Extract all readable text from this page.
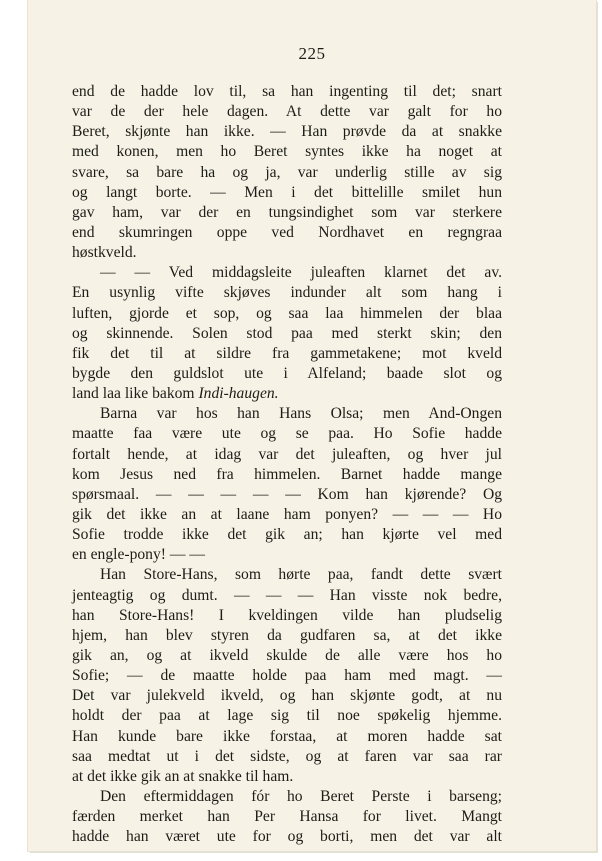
225
end de hadde lov til, sa han ingenting til det; snart
var de der hele dagen. At dette var galt for ho
Beret, skjønte han ikke. — Han prøvde da at snakke
med konen, men ho Beret syntes ikke ha noget at
svare, sa bare ha og ja, var underlig stille av sig
og langt borte. — Men i det bittelille smilet hun
gav ham, var der en tungsindighet som var sterkere
end skumringen oppe ved Nordhavet en regngraa
høstkveld.
— — Ved middagsleite juleaften klarnet det av.
En usynlig vifte skjøves indunder alt som hang i
luften, gjorde et sop, og saa laa himmelen der blaa
og skinnende. Solen stod paa med sterkt skin; den
fik det til at sildre fra gammetakene; mot kveld
bygde den guldslot ute i Alfeland; baade slot og
land laa like bakom Indi-haugen.
Barna var hos han Hans Olsa; men And-Ongen
maatte faa være ute og se paa. Ho Sofie hadde
fortalt hende, at idag var det juleaften, og hver jul
kom Jesus ned fra himmelen. Barnet hadde mange
spørsmaal. — — — — — Kom han kjørende? Og
gik det ikke an at laane ham ponyen? — — — Ho
Sofie trodde ikke det gik an; han kjørte vel med
en engle-pony! — —
Han Store-Hans, som hørte paa, fandt dette svært
jenteagtig og dumt. — — — Han visste nok bedre,
han Store-Hans! I kveldingen vilde han pludselig
hjem, han blev styren da gudfaren sa, at det ikke
gik an, og at ikveld skulde de alle være hos ho
Sofie; — de maatte holde paa ham med magt. —
Det var julekveld ikveld, og han skjønte godt, at nu
holdt der paa at lage sig til noe spøkelig hjemme.
Han kunde bare ikke forstaa, at moren hadde sat
saa medtat ut i det sidste, og at faren var saa rar
at det ikke gik an at snakke til ham.
Den eftermiddagen fór ho Beret Perste i barseng;
færden merket han Per Hansa for livet. Mangt
hadde han været ute for og borti, men det var alt
